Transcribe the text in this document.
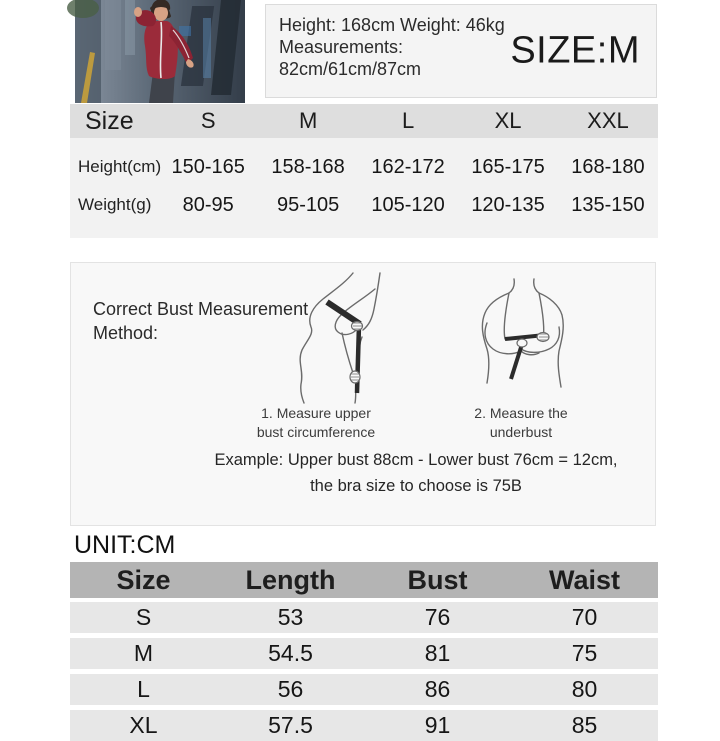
Height: 168cm Weight: 46kg
Measurements:
82cm/61cm/87cm	SIZE:M
Size	S	M	L	XL	XXL
Height(cm) 150-165	158-168	162-172	165-175	168-180
Weight(g)	80-95	95-105	105-120	120-135	135-150
Correct Bust Measurement
Method:
1. Measure upper
bust circumference
2. Measure the
underbust
Example: Upper bust 88cm - Lower bust 76cm = 12cm,
the bra size to choose is 75B
UNIT:CM
Size	Length	Bust	Waist
S	53	76	70
M	54.5	81	75
L	56	86	80
XL	57.5	91	85
